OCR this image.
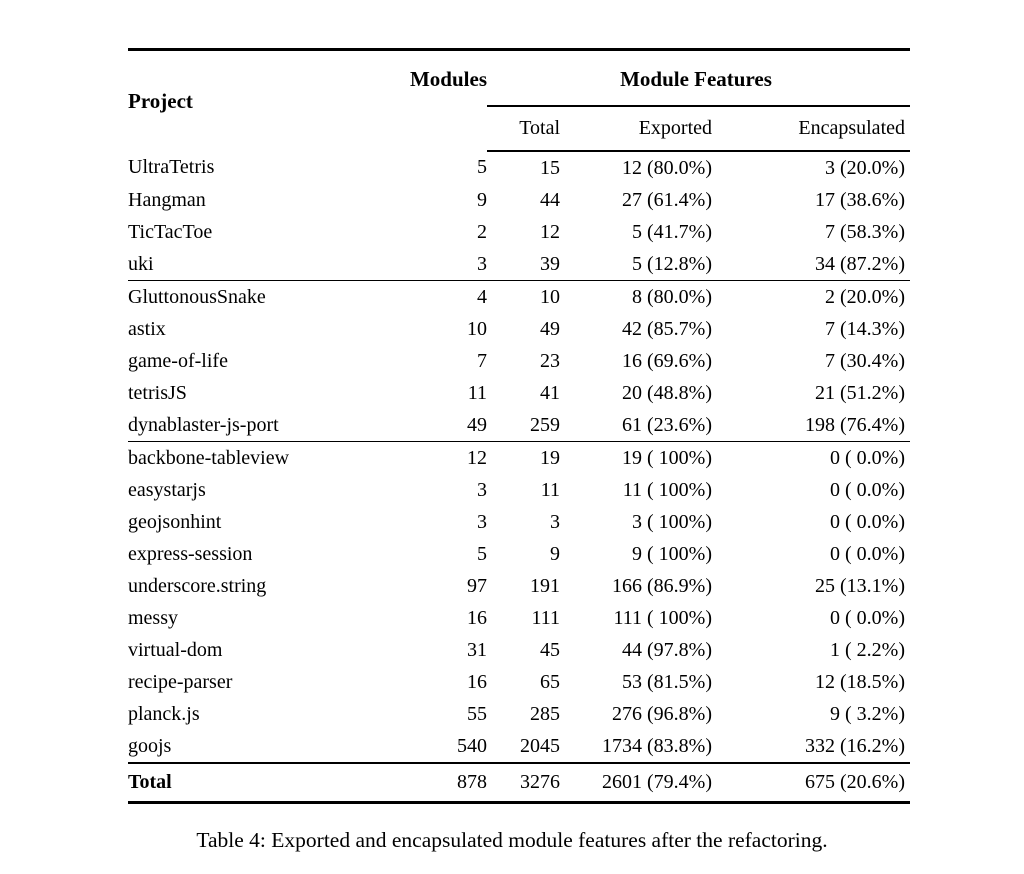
Project	Modules	Module Features		
		Total	Exported	Encapsulated
UltraTetris	5	15	12 (80.0%)	3 (20.0%)
Hangman	9	44	27 (61.4%)	17 (38.6%)
TicTacToe	2	12	5 (41.7%)	7 (58.3%)
uki	3	39	5 (12.8%)	34 (87.2%)
GluttonousSnake	4	10	8 (80.0%)	2 (20.0%)
astix	10	49	42 (85.7%)	7 (14.3%)
game-of-life	7	23	16 (69.6%)	7 (30.4%)
tetrisJS	11	41	20 (48.8%)	21 (51.2%)
dynablaster-js-port	49	259	61 (23.6%)	198 (76.4%)
backbone-tableview	12	19	19 ( 100%)	0 ( 0.0%)
easystarjs	3	11	11 ( 100%)	0 ( 0.0%)
geojsonhint	3	3	3 ( 100%)	0 ( 0.0%)
express-session	5	9	9 ( 100%)	0 ( 0.0%)
underscore.string	97	191	166 (86.9%)	25 (13.1%)
messy	16	111	111 ( 100%)	0 ( 0.0%)
virtual-dom	31	45	44 (97.8%)	1 ( 2.2%)
recipe-parser	16	65	53 (81.5%)	12 (18.5%)
planck.js	55	285	276 (96.8%)	9 ( 3.2%)
goojs	540	2045	1734 (83.8%)	332 (16.2%)
Total	878	3276	2601 (79.4%)	675 (20.6%)
Table 4: Exported and encapsulated module features after the refactoring.
